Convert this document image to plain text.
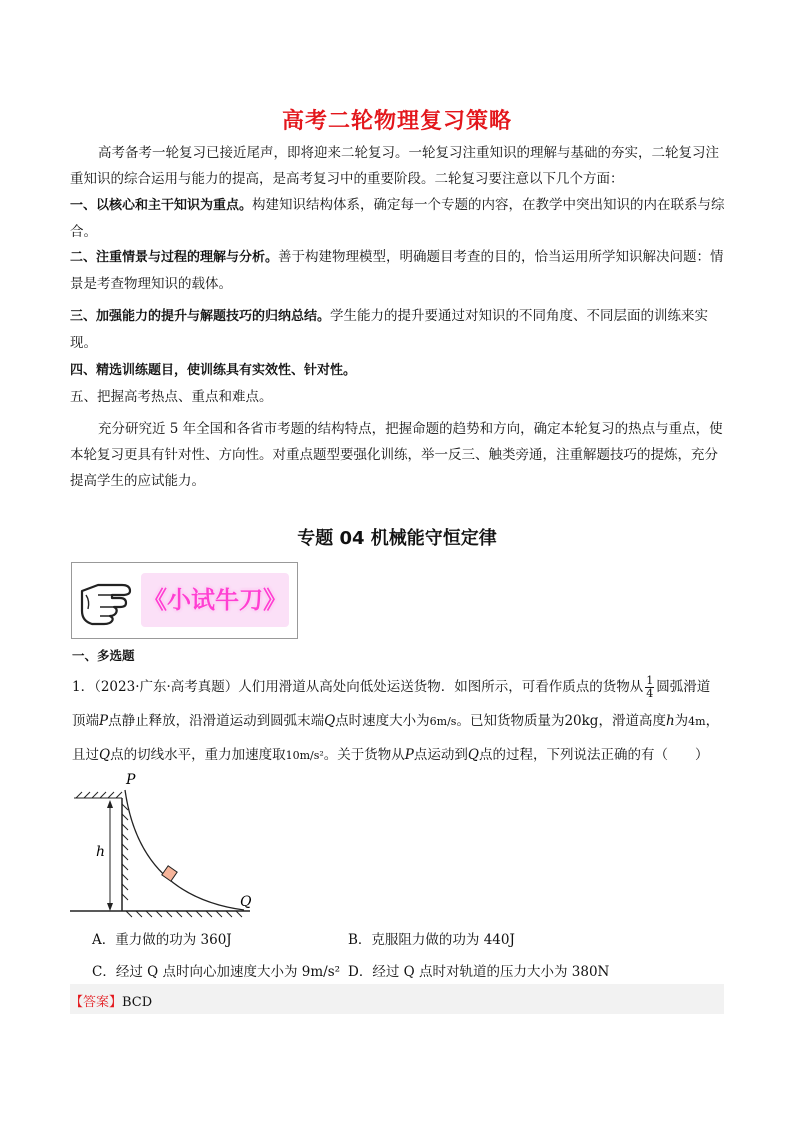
高考二轮物理复习策略
高考备考一轮复习已接近尾声，即将迎来二轮复习。一轮复习注重知识的理解与基础的夯实，二轮复习注重知识的综合运用与能力的提高，是高考复习中的重要阶段。二轮复习要注意以下几个方面：
一、以核心和主干知识为重点。构建知识结构体系，确定每一个专题的内容，在教学中突出知识的内在联系与综合。
二、注重情景与过程的理解与分析。善于构建物理模型，明确题目考查的目的，恰当运用所学知识解决问题：情景是考查物理知识的载体。
三、加强能力的提升与解题技巧的归纳总结。学生能力的提升要通过对知识的不同角度、不同层面的训练来实现。
四、精选训练题目，使训练具有实效性、针对性。
五、把握高考热点、重点和难点。
充分研究近 5 年全国和各省市考题的结构特点，把握命题的趋势和方向，确定本轮复习的热点与重点，使本轮复习更具有针对性、方向性。对重点题型要强化训练，举一反三、触类旁通，注重解题技巧的提炼，充分提高学生的应试能力。
专题 04 机械能守恒定律
《小试牛刀》
一、多选题
1．（2023·广东·高考真题）人们用滑道从高处向低处运送货物．如图所示，可看作质点的货物从 $\frac{1}{4}$ 圆弧滑道
顶端P点静止释放，沿滑道运动到圆弧末端Q点时速度大小为6m/s。已知货物质量为20kg，滑道高度h为4m，
且过Q点的切线水平，重力加速度取10m/s²。关于货物从P点运动到Q点的过程，下列说法正确的有（　　）
P
Q
h
A．重力做的功为 360J	B．克服阻力做的功为 440J
C．经过 Q 点时向心加速度大小为 9m/s² D．经过 Q 点时对轨道的压力大小为 380N
【答案】BCD
